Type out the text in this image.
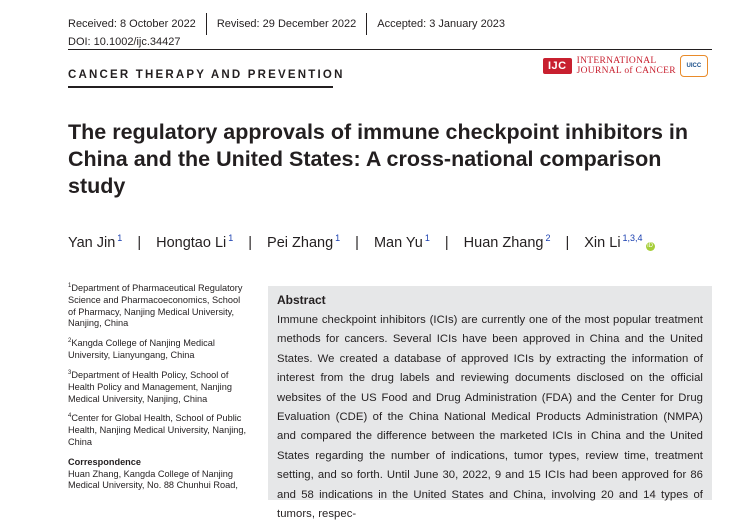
Received: 8 October 2022 Revised: 29 December 2022 Accepted: 3 January 2023
DOI: 10.1002/ijc.34427
CANCER THERAPY AND PREVENTION
IJC	INTERNATIONAL
JOURNAL of CANCER	UICC
The regulatory approvals of immune checkpoint inhibitors in China and the United States: A cross-national comparison study
Yan Jin $^1$ | Hongtao Li $^1$ | Pei Zhang $^1$ | Man Yu $^1$ | Huan Zhang $^2$ | Xin Li $^{1,3,4}$
iD
$^1$Department of Pharmaceutical Regulatory Science and Pharmacoeconomics, School of Pharmacy, Nanjing Medical University, Nanjing, China
$^2$Kangda College of Nanjing Medical University, Lianyungang, China
$^3$Department of Health Policy, School of Health Policy and Management, Nanjing Medical University, Nanjing, China
$^4$Center for Global Health, School of Public Health, Nanjing Medical University, Nanjing, China
Correspondence
Huan Zhang, Kangda College of Nanjing Medical University, No. 88 Chunhui Road,
Abstract
Immune checkpoint inhibitors (ICIs) are currently one of the most popular treatment methods for cancers. Several ICIs have been approved in China and the United States. We created a database of approved ICIs by extracting the information of interest from the drug labels and reviewing documents disclosed on the official websites of the US Food and Drug Administration (FDA) and the Center for Drug Evaluation (CDE) of the China National Medical Products Administration (NMPA) and compared the difference between the marketed ICIs in China and the United States regarding the number of indications, tumor types, review time, treatment setting, and so forth. Until June 30, 2022, 9 and 15 ICIs had been approved for 86 and 58 indications in the United States and China, involving 20 and 14 types of tumors, respec-
